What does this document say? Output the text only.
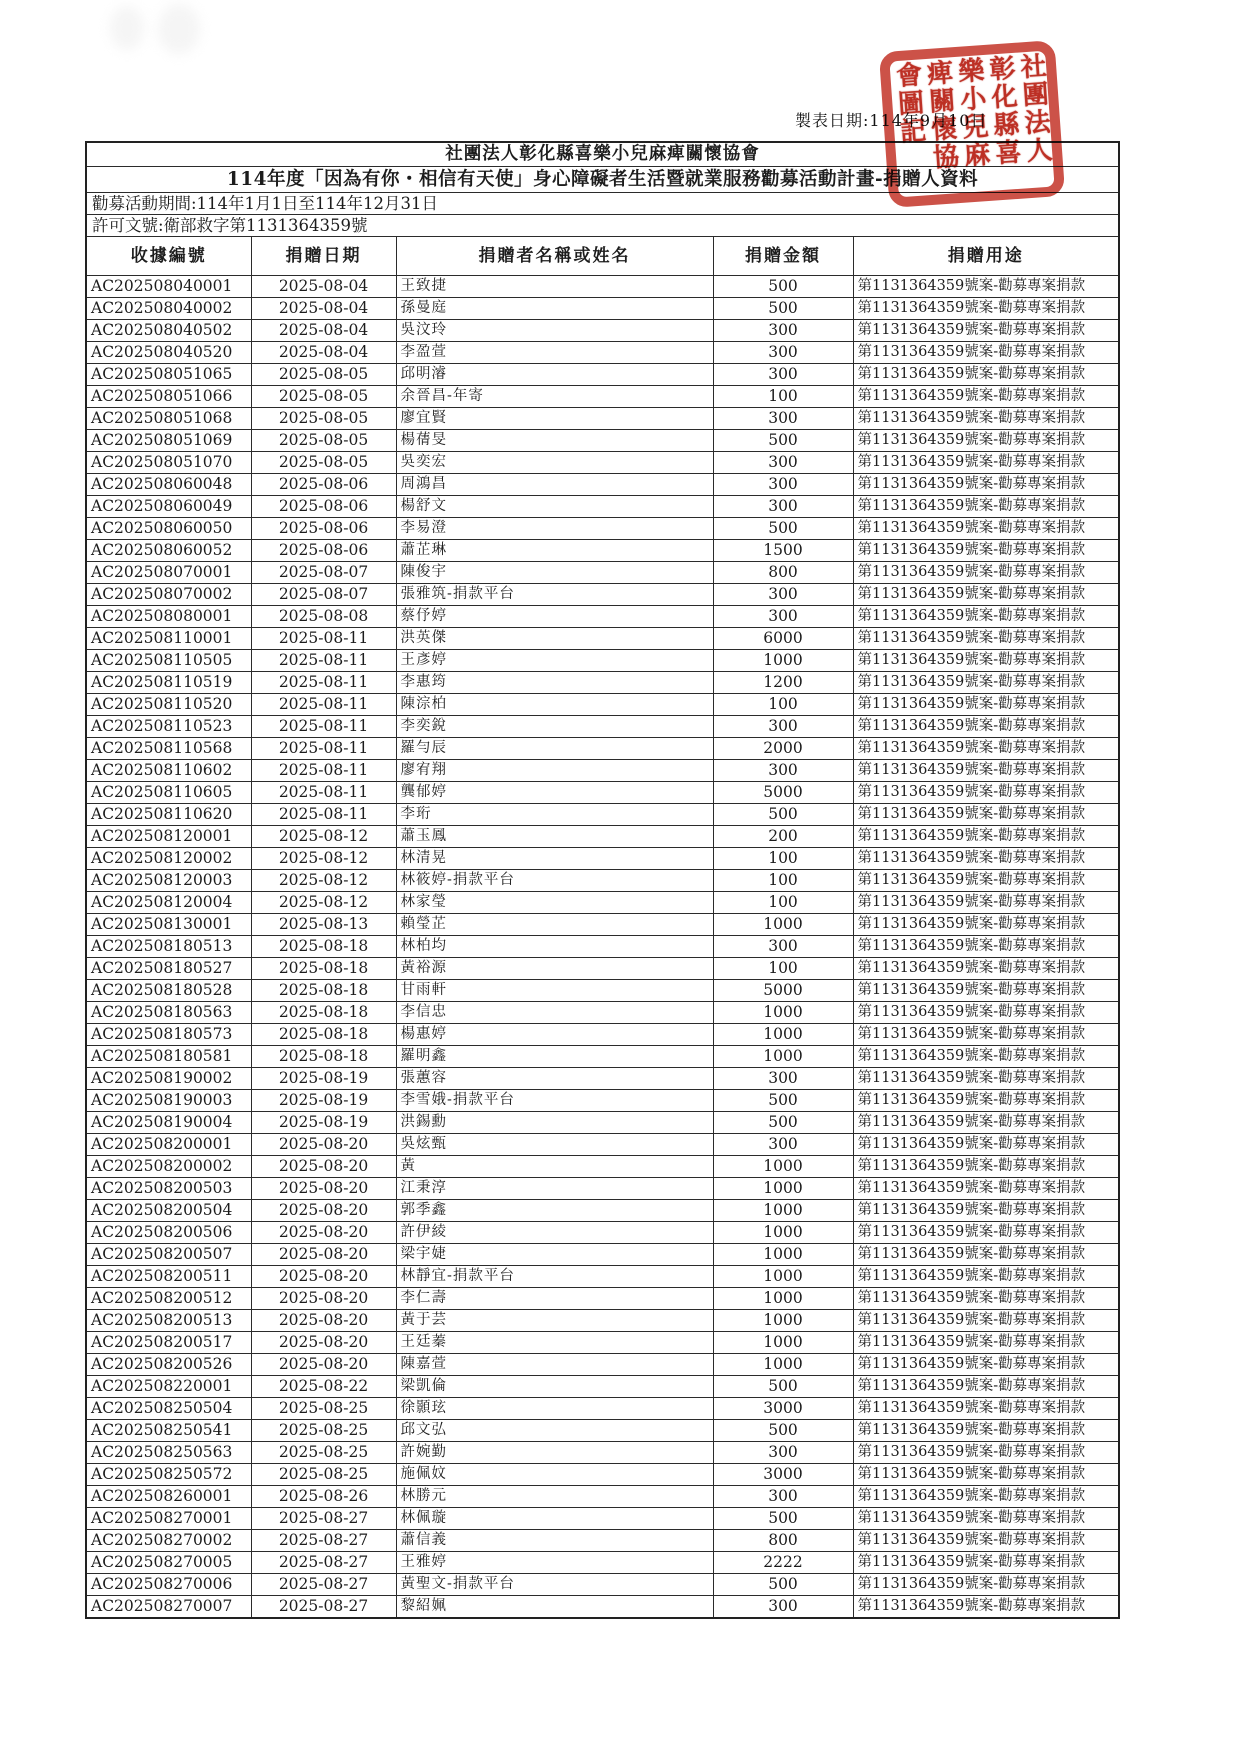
製表日期:114年9月10日
社團法人彰化縣喜樂小兒麻痺關懷協會				
114年度「因為有你・相信有天使」身心障礙者生活暨就業服務勸募活動計畫-捐贈人資料				
勸募活動期間:114年1月1日至114年12月31日				
許可文號:衛部救字第1131364359號				
收據編號	捐贈日期	捐贈者名稱或姓名	捐贈金額	捐贈用途
AC202508040001	2025-08-04	王致捷	500	第1131364359號案-勸募專案捐款
AC202508040002	2025-08-04	孫曼庭	500	第1131364359號案-勸募專案捐款
AC202508040502	2025-08-04	吳汶玲	300	第1131364359號案-勸募專案捐款
AC202508040520	2025-08-04	李盈萱	300	第1131364359號案-勸募專案捐款
AC202508051065	2025-08-05	邱明濬	300	第1131364359號案-勸募專案捐款
AC202508051066	2025-08-05	余晉昌-年寄	100	第1131364359號案-勸募專案捐款
AC202508051068	2025-08-05	廖宜賢	300	第1131364359號案-勸募專案捐款
AC202508051069	2025-08-05	楊蒨旻	500	第1131364359號案-勸募專案捐款
AC202508051070	2025-08-05	吳奕宏	300	第1131364359號案-勸募專案捐款
AC202508060048	2025-08-06	周鴻昌	300	第1131364359號案-勸募專案捐款
AC202508060049	2025-08-06	楊舒文	300	第1131364359號案-勸募專案捐款
AC202508060050	2025-08-06	李易澄	500	第1131364359號案-勸募專案捐款
AC202508060052	2025-08-06	蕭芷琳	1500	第1131364359號案-勸募專案捐款
AC202508070001	2025-08-07	陳俊宇	800	第1131364359號案-勸募專案捐款
AC202508070002	2025-08-07	張雅筑-捐款平台	300	第1131364359號案-勸募專案捐款
AC202508080001	2025-08-08	蔡伃婷	300	第1131364359號案-勸募專案捐款
AC202508110001	2025-08-11	洪英傑	6000	第1131364359號案-勸募專案捐款
AC202508110505	2025-08-11	王彥婷	1000	第1131364359號案-勸募專案捐款
AC202508110519	2025-08-11	李惠筠	1200	第1131364359號案-勸募專案捐款
AC202508110520	2025-08-11	陳淙柏	100	第1131364359號案-勸募專案捐款
AC202508110523	2025-08-11	李奕銳	300	第1131364359號案-勸募專案捐款
AC202508110568	2025-08-11	羅勻辰	2000	第1131364359號案-勸募專案捐款
AC202508110602	2025-08-11	廖宥翔	300	第1131364359號案-勸募專案捐款
AC202508110605	2025-08-11	龔郁婷	5000	第1131364359號案-勸募專案捐款
AC202508110620	2025-08-11	李珩	500	第1131364359號案-勸募專案捐款
AC202508120001	2025-08-12	蕭玉鳳	200	第1131364359號案-勸募專案捐款
AC202508120002	2025-08-12	林清晃	100	第1131364359號案-勸募專案捐款
AC202508120003	2025-08-12	林筱婷-捐款平台	100	第1131364359號案-勸募專案捐款
AC202508120004	2025-08-12	林家瑩	100	第1131364359號案-勸募專案捐款
AC202508130001	2025-08-13	賴瑩芷	1000	第1131364359號案-勸募專案捐款
AC202508180513	2025-08-18	林柏均	300	第1131364359號案-勸募專案捐款
AC202508180527	2025-08-18	黃裕源	100	第1131364359號案-勸募專案捐款
AC202508180528	2025-08-18	甘雨軒	5000	第1131364359號案-勸募專案捐款
AC202508180563	2025-08-18	李信忠	1000	第1131364359號案-勸募專案捐款
AC202508180573	2025-08-18	楊惠婷	1000	第1131364359號案-勸募專案捐款
AC202508180581	2025-08-18	羅明鑫	1000	第1131364359號案-勸募專案捐款
AC202508190002	2025-08-19	張蕙容	300	第1131364359號案-勸募專案捐款
AC202508190003	2025-08-19	李雪娥-捐款平台	500	第1131364359號案-勸募專案捐款
AC202508190004	2025-08-19	洪錫勳	500	第1131364359號案-勸募專案捐款
AC202508200001	2025-08-20	吳炫甄	300	第1131364359號案-勸募專案捐款
AC202508200002	2025-08-20	黃	1000	第1131364359號案-勸募專案捐款
AC202508200503	2025-08-20	江秉淳	1000	第1131364359號案-勸募專案捐款
AC202508200504	2025-08-20	郭季鑫	1000	第1131364359號案-勸募專案捐款
AC202508200506	2025-08-20	許伊綾	1000	第1131364359號案-勸募專案捐款
AC202508200507	2025-08-20	梁宇婕	1000	第1131364359號案-勸募專案捐款
AC202508200511	2025-08-20	林靜宜-捐款平台	1000	第1131364359號案-勸募專案捐款
AC202508200512	2025-08-20	李仁壽	1000	第1131364359號案-勸募專案捐款
AC202508200513	2025-08-20	黃于芸	1000	第1131364359號案-勸募專案捐款
AC202508200517	2025-08-20	王廷蓁	1000	第1131364359號案-勸募專案捐款
AC202508200526	2025-08-20	陳嘉萱	1000	第1131364359號案-勸募專案捐款
AC202508220001	2025-08-22	梁凱倫	500	第1131364359號案-勸募專案捐款
AC202508250504	2025-08-25	徐顥玹	3000	第1131364359號案-勸募專案捐款
AC202508250541	2025-08-25	邱文弘	500	第1131364359號案-勸募專案捐款
AC202508250563	2025-08-25	許婉勤	300	第1131364359號案-勸募專案捐款
AC202508250572	2025-08-25	施佩妏	3000	第1131364359號案-勸募專案捐款
AC202508260001	2025-08-26	林勝元	300	第1131364359號案-勸募專案捐款
AC202508270001	2025-08-27	林佩璇	500	第1131364359號案-勸募專案捐款
AC202508270002	2025-08-27	蕭信義	800	第1131364359號案-勸募專案捐款
AC202508270005	2025-08-27	王雅婷	2222	第1131364359號案-勸募專案捐款
AC202508270006	2025-08-27	黃聖文-捐款平台	500	第1131364359號案-勸募專案捐款
AC202508270007	2025-08-27	黎紹姵	300	第1131364359號案-勸募專案捐款
社團法人彰化縣喜樂小兒麻痺關懷協會圖記
